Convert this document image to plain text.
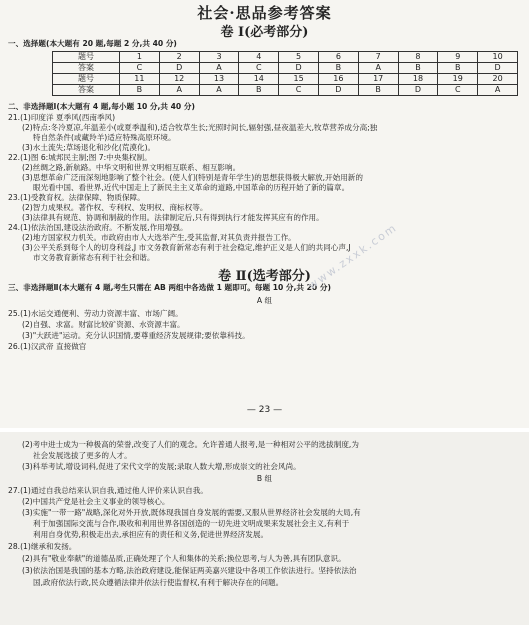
社会·思品参考答案
卷 Ⅰ(必考部分)
一、选择题(本大题有 20 题,每题 2 分,共 40 分)
题号	1	2	3	4	5	6	7	8	9	10
答案	C	D	A	C	D	B	A	B	B	D
题号	11	12	13	14	15	16	17	18	19	20
答案	B	A	A	B	C	D	B	D	C	A
二、非选择题Ⅰ(本大题有 4 题,每小题 10 分,共 40 分)
21.(1)印度洋 夏季风(西南季风)
(2)特点:冬冷夏凉,年温差小(或夏季温和),适合牧草生长;光照时间长,辐射强,昼夜温差大,牧草营养成分高;独
特自然条件(或藏羚羊)适应特殊高原环境。
(3)水土流失;草场退化和沙化(荒漠化)。
22.(1)图 6:城邦民主制;图 7:中央集权制。
(2)丝绸之路,新航路。中华文明和世界文明相互联系、相互影响。
(3)思想革命广泛而深刻地影响了整个社会。(使人们(特别是青年学生)的思想获得极大解放,开始用新的
眼光看中国、看世界,近代中国走上了新民主主义革命的道路,中国革命的历程开始了新的篇章。
23.(1)受教育权。法律保障、物质保障。
(2)智力成果权。著作权、专利权、发明权、商标权等。
(3)法律具有规范、协调和制裁的作用。法律制定后,只有得到执行才能发挥其应有的作用。
24.(1)依法治国,建设法治政府。不断发展,作用增强。
(2)地方国家权力机关。市政府由市人大选举产生,受其监督,对其负责并报告工作。
(3)公平关系到每个人的切身利益,J 市文务教育新常态有利于社会稳定,维护正义是人们的共同心声,J
市文务教育新常态有利于社会和谐。
卷 Ⅱ(选考部分)
三、非选择题Ⅱ(本大题有 4 题,考生只需在 AB 两组中各选做 1 题即可。每题 10 分,共 20 分)
A 组
25.(1)水运交通便利、劳动力资源丰富、市场广阔。
(2)自强、求富。财富比较矿资源、水资源丰富。
(3)"大跃进"运动。充分认识国情,要尊重经济发展规律;要依靠科技。
26.(1)汉武帝 直接做官
www.zxxk.com
— 23 —
(2)考中进士成为一种极高的荣誉,改变了人们的观念。允许普通人报考,是一种相对公平的选拔制度,为
社会发展选拔了更多的人才。
(3)科举考试,增设词科,促进了宋代文学的发展;录取人数大增,形成崇文的社会风尚。
B 组
27.(1)通过自我总结来认识自我,通过他人评价来认识自我。
(2)中国共产党是社会主义事业的领导核心。
(3)实施"一带一路"战略,深化对外开放,既体现我国自身发展的需要,又服从世界经济社会发展的大局,有
利于加强国际交流与合作,吸收和利用世界各国创造的一切先进文明成果来发展社会主义,有利于
利用自身优势,积极走出去,承担应有的责任和义务,促进世界经济发展。
28.(1)继承和发扬。
(2)具有"敬业奉献"的道德品质,正确处理了个人和集体的关系;换位思考,与人为善,具有团队意识。
(3)依法治国是我国的基本方略,法治政府建设,能保证两美嘉兴建设中各项工作依法进行。坚持依法治
国,政府依法行政,民众遵循法律并依法行使监督权,有利于解决存在的问题。
